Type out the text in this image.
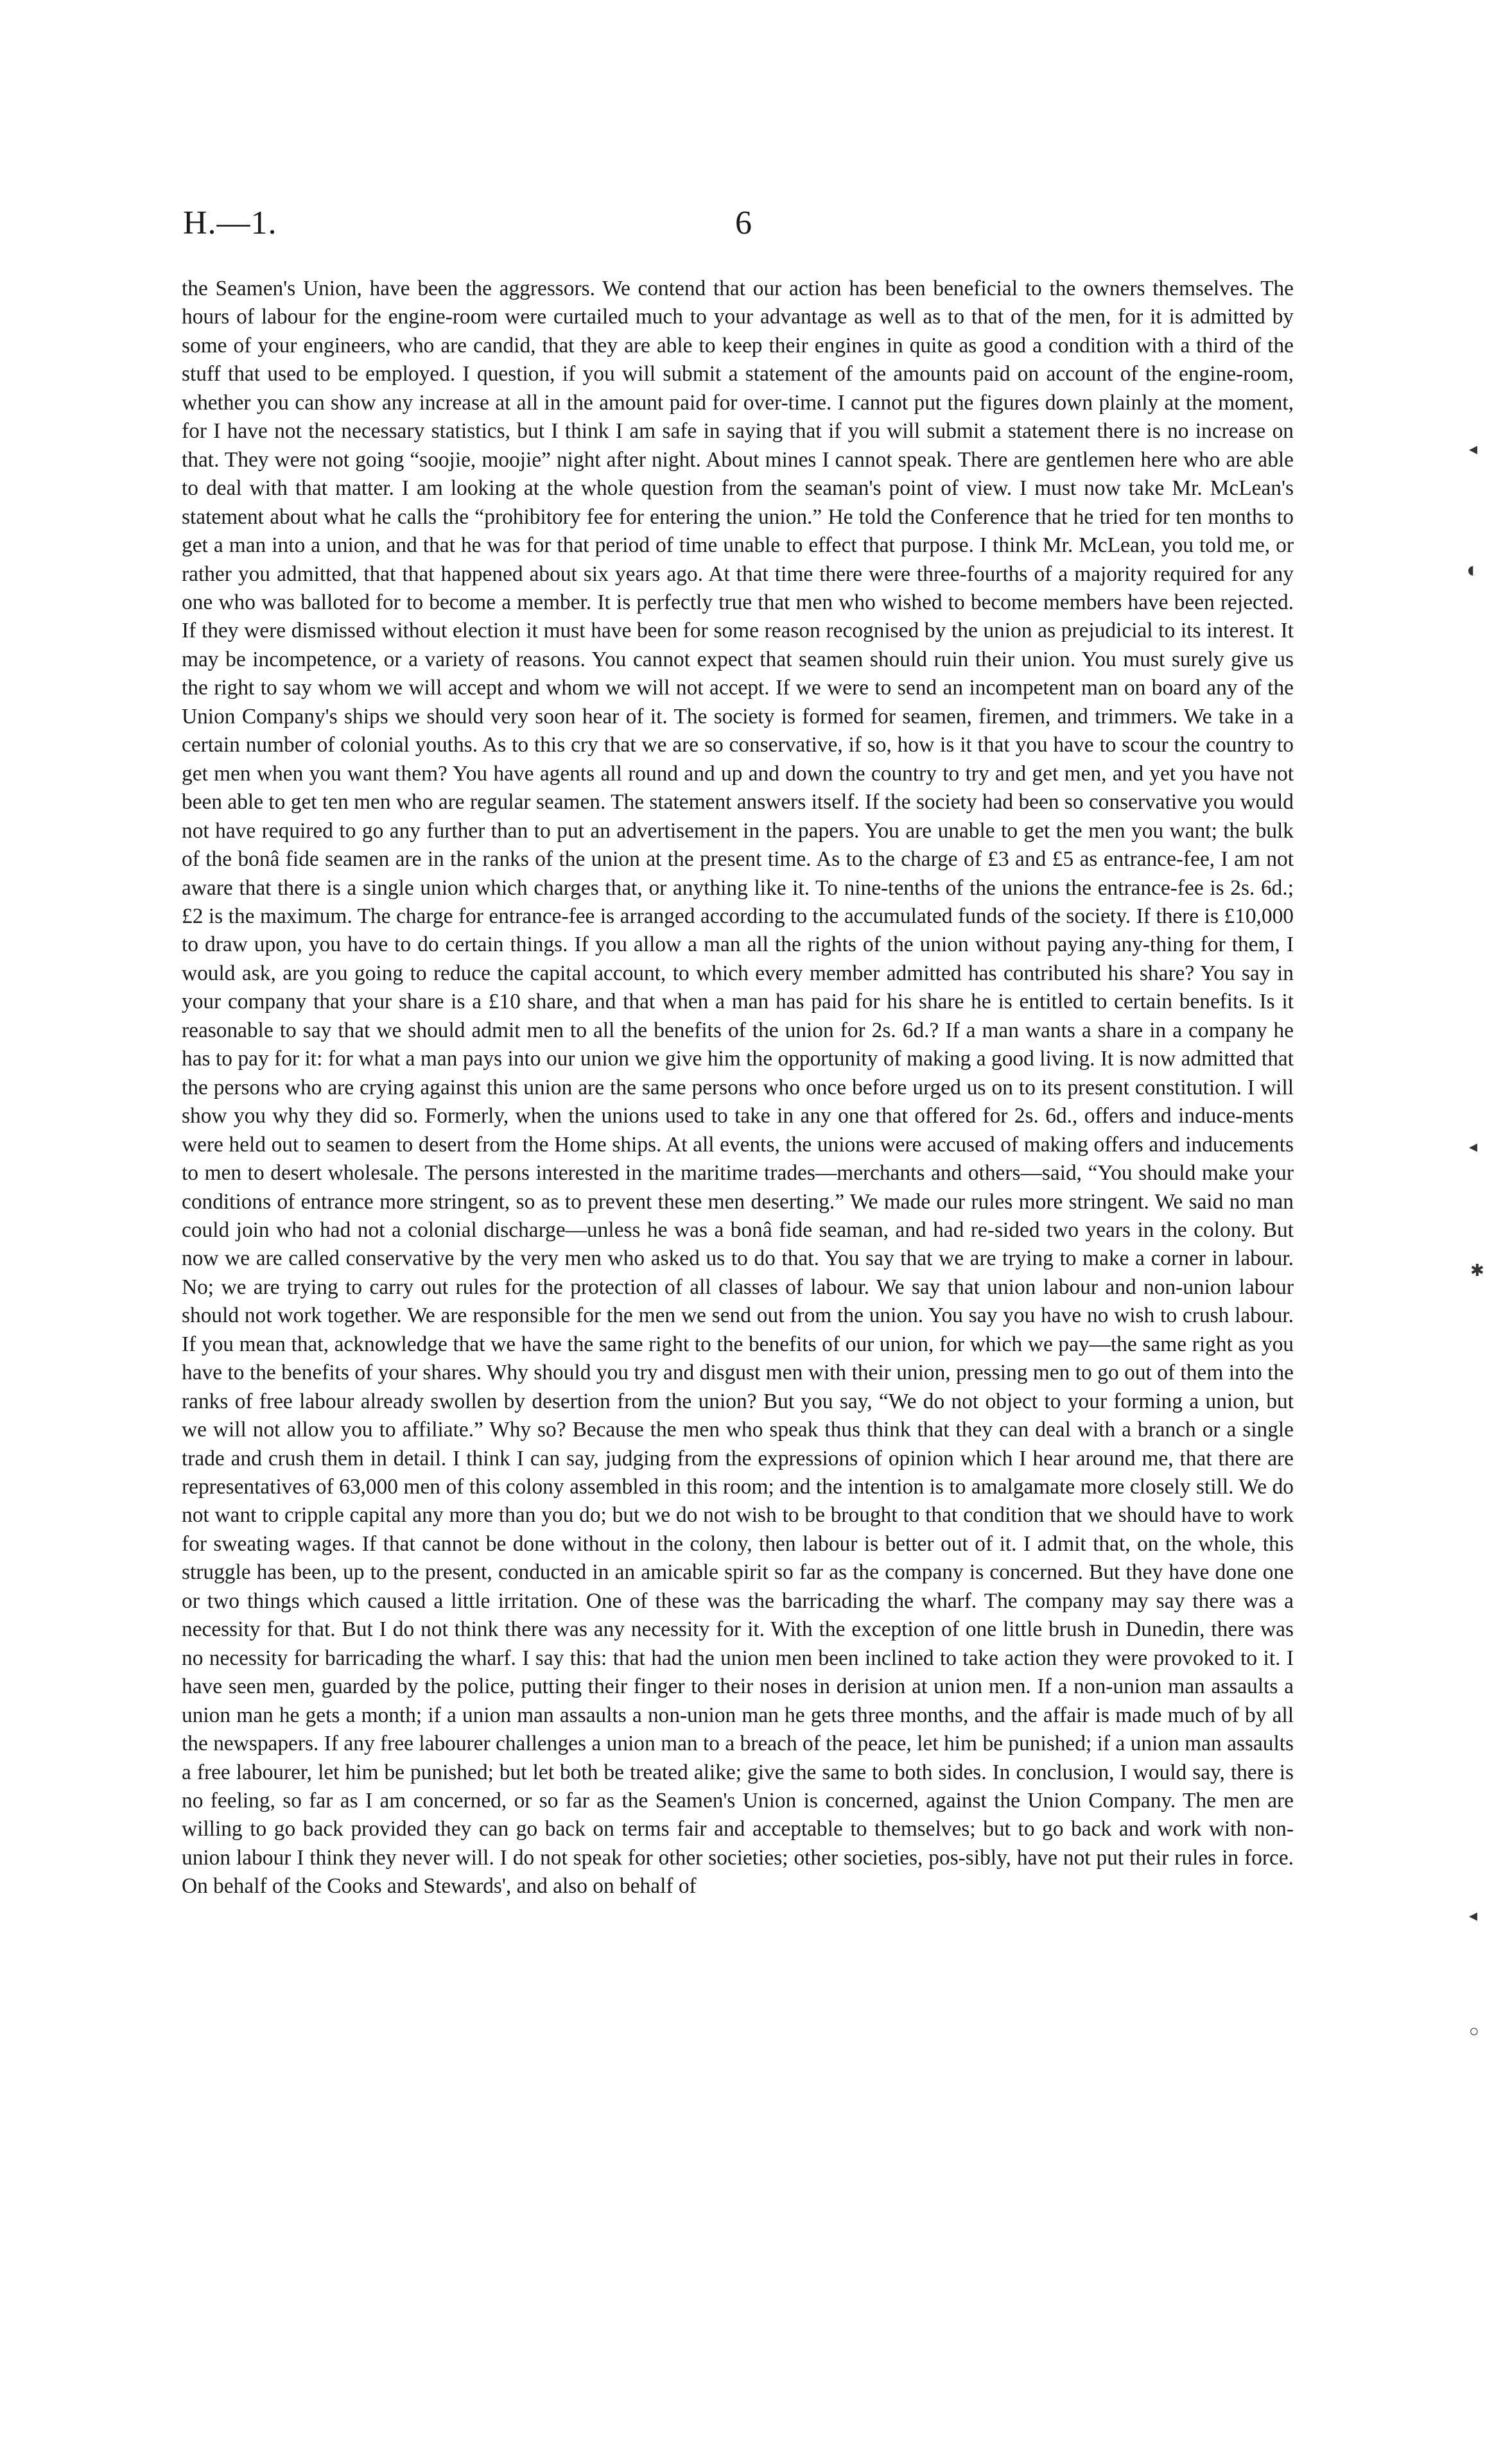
H.—1.	6

the Seamen's Union, have been the aggressors. We contend that our action has been beneficial to the owners themselves. The hours of labour for the engine-room were curtailed much to your advantage as well as to that of the men, for it is admitted by some of your engineers, who are candid, that they are able to keep their engines in quite as good a condition with a third of the stuff that used to be employed. I question, if you will submit a statement of the amounts paid on account of the engine-room, whether you can show any increase at all in the amount paid for over-time. I cannot put the figures down plainly at the moment, for I have not the necessary statistics, but I think I am safe in saying that if you will submit a statement there is no increase on that. They were not going “soojie, moojie” night after night. About mines I cannot speak. There are gentlemen here who are able to deal with that matter. I am looking at the whole question from the seaman's point of view. I must now take Mr. McLean's statement about what he calls the “prohibitory fee for entering the union.” He told the Conference that he tried for ten months to get a man into a union, and that he was for that period of time unable to effect that purpose. I think Mr. McLean, you told me, or rather you admitted, that that happened about six years ago. At that time there were three-fourths of a majority required for any one who was balloted for to become a member. It is perfectly true that men who wished to become members have been rejected. If they were dismissed without election it must have been for some reason recognised by the union as prejudicial to its interest. It may be incompetence, or a variety of reasons. You cannot expect that seamen should ruin their union. You must surely give us the right to say whom we will accept and whom we will not accept. If we were to send an incompetent man on board any of the Union Company's ships we should very soon hear of it. The society is formed for seamen, firemen, and trimmers. We take in a certain number of colonial youths. As to this cry that we are so conservative, if so, how is it that you have to scour the country to get men when you want them? You have agents all round and up and down the country to try and get men, and yet you have not been able to get ten men who are regular seamen. The statement answers itself. If the society had been so conservative you would not have required to go any further than to put an advertisement in the papers. You are unable to get the men you want; the bulk of the bonâ fide seamen are in the ranks of the union at the present time. As to the charge of £3 and £5 as entrance-fee, I am not aware that there is a single union which charges that, or anything like it. To nine-tenths of the unions the entrance-fee is 2s. 6d.; £2 is the maximum. The charge for entrance-fee is arranged according to the accumulated funds of the society. If there is £10,000 to draw upon, you have to do certain things. If you allow a man all the rights of the union without paying any-thing for them, I would ask, are you going to reduce the capital account, to which every member admitted has contributed his share? You say in your company that your share is a £10 share, and that when a man has paid for his share he is entitled to certain benefits. Is it reasonable to say that we should admit men to all the benefits of the union for 2s. 6d.? If a man wants a share in a company he has to pay for it: for what a man pays into our union we give him the opportunity of making a good living. It is now admitted that the persons who are crying against this union are the same persons who once before urged us on to its present constitution. I will show you why they did so. Formerly, when the unions used to take in any one that offered for 2s. 6d., offers and induce-ments were held out to seamen to desert from the Home ships. At all events, the unions were accused of making offers and inducements to men to desert wholesale. The persons interested in the maritime trades—merchants and others—said, “You should make your conditions of entrance more stringent, so as to prevent these men deserting.” We made our rules more stringent. We said no man could join who had not a colonial discharge—unless he was a bonâ fide seaman, and had re-sided two years in the colony. But now we are called conservative by the very men who asked us to do that. You say that we are trying to make a corner in labour. No; we are trying to carry out rules for the protection of all classes of labour. We say that union labour and non-union labour should not work together. We are responsible for the men we send out from the union. You say you have no wish to crush labour. If you mean that, acknowledge that we have the same right to the benefits of our union, for which we pay—the same right as you have to the benefits of your shares. Why should you try and disgust men with their union, pressing men to go out of them into the ranks of free labour already swollen by desertion from the union? But you say, “We do not object to your forming a union, but we will not allow you to affiliate.” Why so? Because the men who speak thus think that they can deal with a branch or a single trade and crush them in detail. I think I can say, judging from the expressions of opinion which I hear around me, that there are representatives of 63,000 men of this colony assembled in this room; and the intention is to amalgamate more closely still. We do not want to cripple capital any more than you do; but we do not wish to be brought to that condition that we should have to work for sweating wages. If that cannot be done without in the colony, then labour is better out of it. I admit that, on the whole, this struggle has been, up to the present, conducted in an amicable spirit so far as the company is concerned. But they have done one or two things which caused a little irritation. One of these was the barricading the wharf. The company may say there was a necessity for that. But I do not think there was any necessity for it. With the exception of one little brush in Dunedin, there was no necessity for barricading the wharf. I say this: that had the union men been inclined to take action they were provoked to it. I have seen men, guarded by the police, putting their finger to their noses in derision at union men. If a non-union man assaults a union man he gets a month; if a union man assaults a non-union man he gets three months, and the affair is made much of by all the newspapers. If any free labourer challenges a union man to a breach of the peace, let him be punished; if a union man assaults a free labourer, let him be punished; but let both be treated alike; give the same to both sides. In conclusion, I would say, there is no feeling, so far as I am concerned, or so far as the Seamen's Union is concerned, against the Union Company. The men are willing to go back provided they can go back on terms fair and acceptable to themselves; but to go back and work with non-union labour I think they never will. I do not speak for other societies; other societies, pos-sibly, have not put their rules in force. On behalf of the Cooks and Stewards', and also on behalf of

◂
◐
◂
✱
◂
○
